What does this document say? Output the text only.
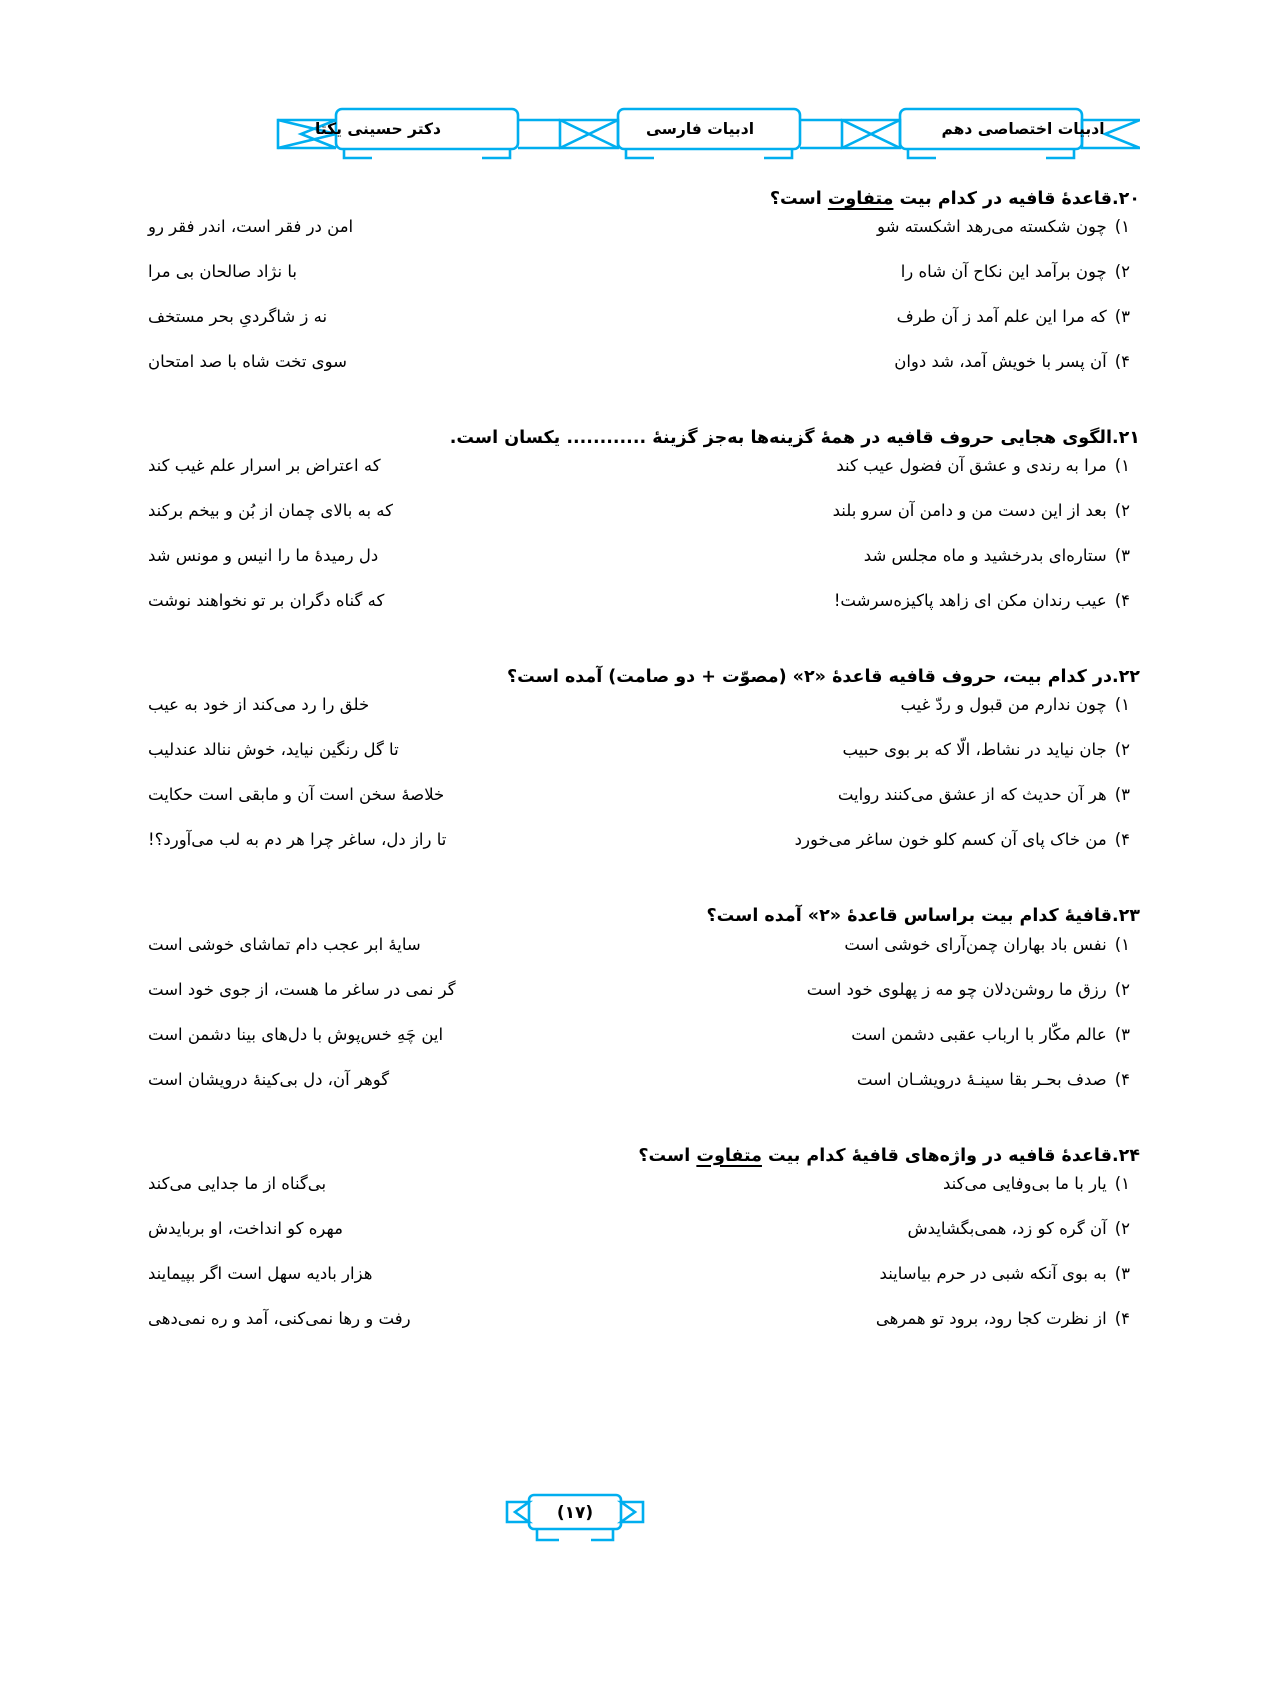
دکتر حسینی یکتا	ادبیات فارسی	ادبیات اختصاصی دهم
۲۰.قاعدهٔ قافیه در کدام بیت متفاوت است؟
۱)
چون شکسته می‌رهد اشکسته شو
امن در فقر است، اندر فقر رو
۲)
چون برآمد این نکاح آن شاه را
با نژاد صالحان بی مرا
۳)
که مرا این علم آمد ز آن طرف
نه ز شاگردیِ بحر مستخف
۴)
آن پسر با خویش آمد، شد دوان
سوی تخت شاه با صد امتحان
۲۱.الگوی هجایی حروف قافیه در همهٔ گزینه‌ها به‌جز گزینهٔ ............ یکسان است.
۱)
مرا به رندی و عشق آن فضول عیب کند
که اعتراض بر اسرار علم غیب کند
۲)
بعد از این دست من و دامن آن سرو بلند
که به بالای چمان از بُن و بیخم برکند
۳)
ستاره‌ای بدرخشید و ماه مجلس شد
دل رمیدهٔ ما را انیس و مونس شد
۴)
عیب رندان مکن ای زاهد پاکیزه‌سرشت!
که گناه دگران بر تو نخواهند نوشت
۲۲.در کدام بیت، حروف قافیه قاعدهٔ «۲» (مصوّت + دو صامت) آمده است؟
۱)
چون ندارم من قبول و ردّ غیب
خلق را رد می‌کند از خود به عیب
۲)
جان نیاید در نشاط، الّا که بر بوی حبیب
تا گل رنگین نیاید، خوش ننالد عندلیب
۳)
هر آن حدیث که از عشق می‌کنند روایت
خلاصهٔ سخن است آن و مابقی است حکایت
۴)
من خاک پای آن کسم کلو خون ساغر می‌خورد
تا راز دل، ساغر چرا هر دم به لب می‌آورد؟!
۲۳.قافیهٔ کدام بیت براساس قاعدهٔ «۲» آمده است؟
۱)
نفس باد بهاران چمن‌آرای خوشی است
سایهٔ ابر عجب دام تماشای خوشی است
۲)
رزق ما روشن‌دلان چو مه ز پهلوی خود است
گر نمی در ساغر ما هست، از جوی خود است
۳)
عالم مکّار با ارباب عقبی دشمن است
این چَهِ خس‌پوش با دل‌های بینا دشمن است
۴)
صدف بحـر بقا سینـهٔ درویشـان است
گوهر آن، دل بی‌کینهٔ درویشان است
۲۴.قاعدهٔ قافیه در واژه‌های قافیهٔ کدام بیت متفاوت است؟
۱)
یار با ما بی‌وفایی می‌کند
بی‌گناه از ما جدایی می‌کند
۲)
آن گره کو زد، همی‌بگشایدش
مهره کو انداخت، او برباید‌ش
۳)
به بوی آنکه شبی در حرم بیاسایند
هزار بادیه سهل است اگر بپیمایند
۴)
از نظرت کجا رود، برود تو همرهی
رفت و رها نمی‌کنی، آمد و ره نمی‌دهی
(۱۷)
